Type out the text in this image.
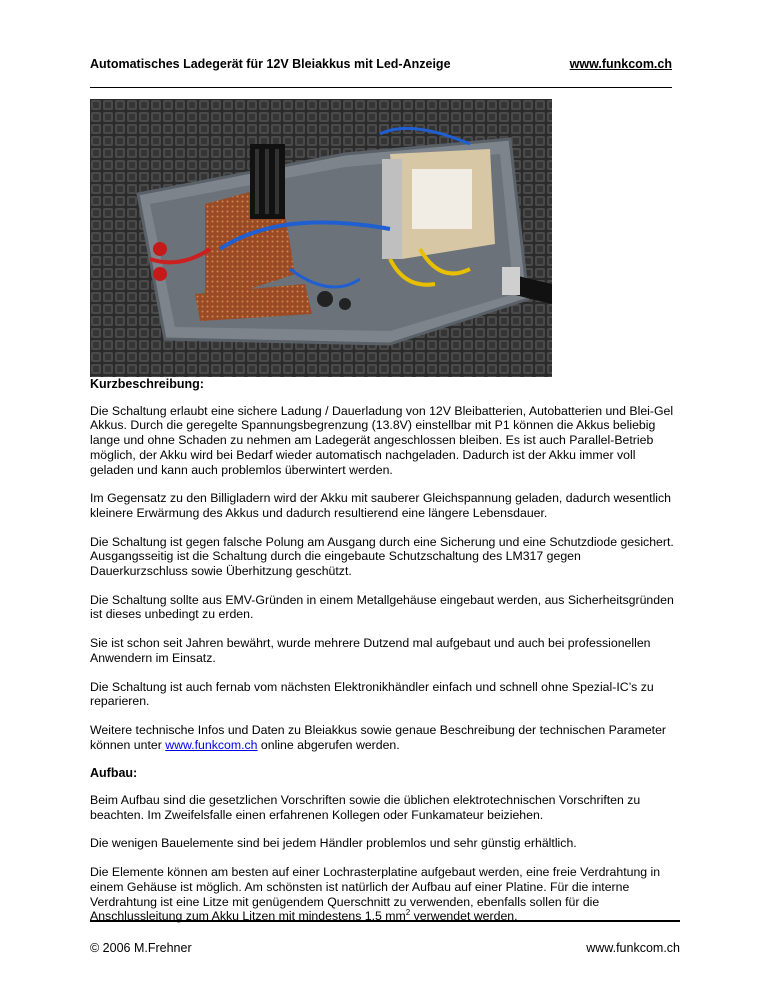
Automatisches Ladegerät für 12V Bleiakkus mit Led-Anzeige	www.funkcom.ch
Kurzbeschreibung:

Die Schaltung erlaubt eine sichere Ladung / Dauerladung von 12V Bleibatterien, Autobatterien und Blei-Gel Akkus. Durch die geregelte Spannungsbegrenzung (13.8V) einstellbar mit P1 können die Akkus beliebig lange und ohne Schaden zu nehmen am Ladegerät angeschlossen bleiben. Es ist auch Parallel-Betrieb möglich, der Akku wird bei Bedarf wieder automatisch nachgeladen. Dadurch ist der Akku immer voll geladen und kann auch problemlos überwintert werden.

Im Gegensatz zu den Billigladern wird der Akku mit sauberer Gleichspannung geladen, dadurch wesentlich kleinere Erwärmung des Akkus und dadurch resultierend eine längere Lebensdauer.

Die Schaltung ist gegen falsche Polung am Ausgang durch eine Sicherung und eine Schutzdiode gesichert. Ausgangsseitig ist die Schaltung durch die eingebaute Schutzschaltung des LM317 gegen Dauerkurzschluss sowie Überhitzung geschützt.

Die Schaltung sollte aus EMV-Gründen in einem Metallgehäuse eingebaut werden, aus Sicherheitsgründen ist dieses unbedingt zu erden.

Sie ist schon seit Jahren bewährt, wurde mehrere Dutzend mal aufgebaut und auch bei professionellen Anwendern im Einsatz.

Die Schaltung ist auch fernab vom nächsten Elektronikhändler einfach und schnell ohne Spezial-IC’s zu reparieren.

Weitere technische Infos und Daten zu Bleiakkus sowie genaue Beschreibung der technischen Parameter können unter www.funkcom.ch online abgerufen werden.

Aufbau:

Beim Aufbau sind die gesetzlichen Vorschriften sowie die üblichen elektrotechnischen Vorschriften zu beachten. Im Zweifelsfalle einen erfahrenen Kollegen oder Funkamateur beiziehen.

Die wenigen Bauelemente sind bei jedem Händler problemlos und sehr günstig erhältlich.

Die Elemente können am besten auf einer Lochrasterplatine aufgebaut werden, eine freie Verdrahtung in einem Gehäuse ist möglich. Am schönsten ist natürlich der Aufbau auf einer Platine. Für die interne Verdrahtung ist eine Litze mit genügendem Querschnitt zu verwenden, ebenfalls sollen für die Anschlussleitung zum Akku Litzen mit mindestens 1,5 $mm^2$ verwendet werden.

© 2006 M.Frehner	www.funkcom.ch
